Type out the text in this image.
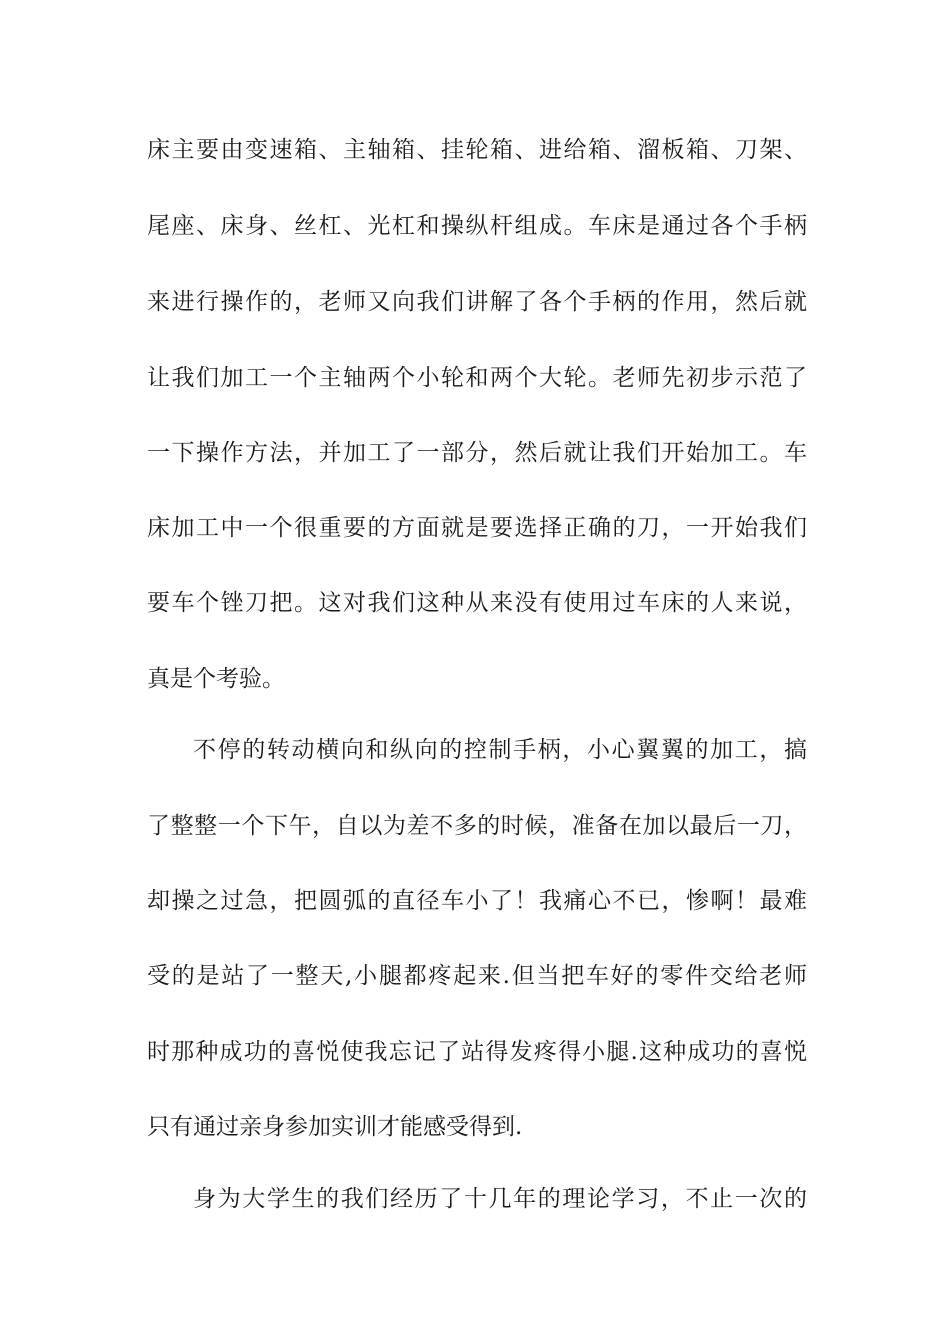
床主要由变速箱、主轴箱、挂轮箱、进给箱、溜板箱、刀架、
尾座、床身、丝杠、光杠和操纵杆组成。车床是通过各个手柄
来进行操作的，老师又向我们讲解了各个手柄的作用，然后就
让我们加工一个主轴两个小轮和两个大轮。老师先初步示范了
一下操作方法，并加工了一部分，然后就让我们开始加工。车
床加工中一个很重要的方面就是要选择正确的刀，一开始我们
要车个锉刀把。这对我们这种从来没有使用过车床的人来说，
真是个考验。
不停的转动横向和纵向的控制手柄，小心翼翼的加工，搞
了整整一个下午，自以为差不多的时候，准备在加以最后一刀，
却操之过急，把圆弧的直径车小了！我痛心不已，惨啊！最难
受的是站了一整天,小腿都疼起来.但当把车好的零件交给老师
时那种成功的喜悦使我忘记了站得发疼得小腿.这种成功的喜悦
只有通过亲身参加实训才能感受得到.
身为大学生的我们经历了十几年的理论学习，不止一次的
